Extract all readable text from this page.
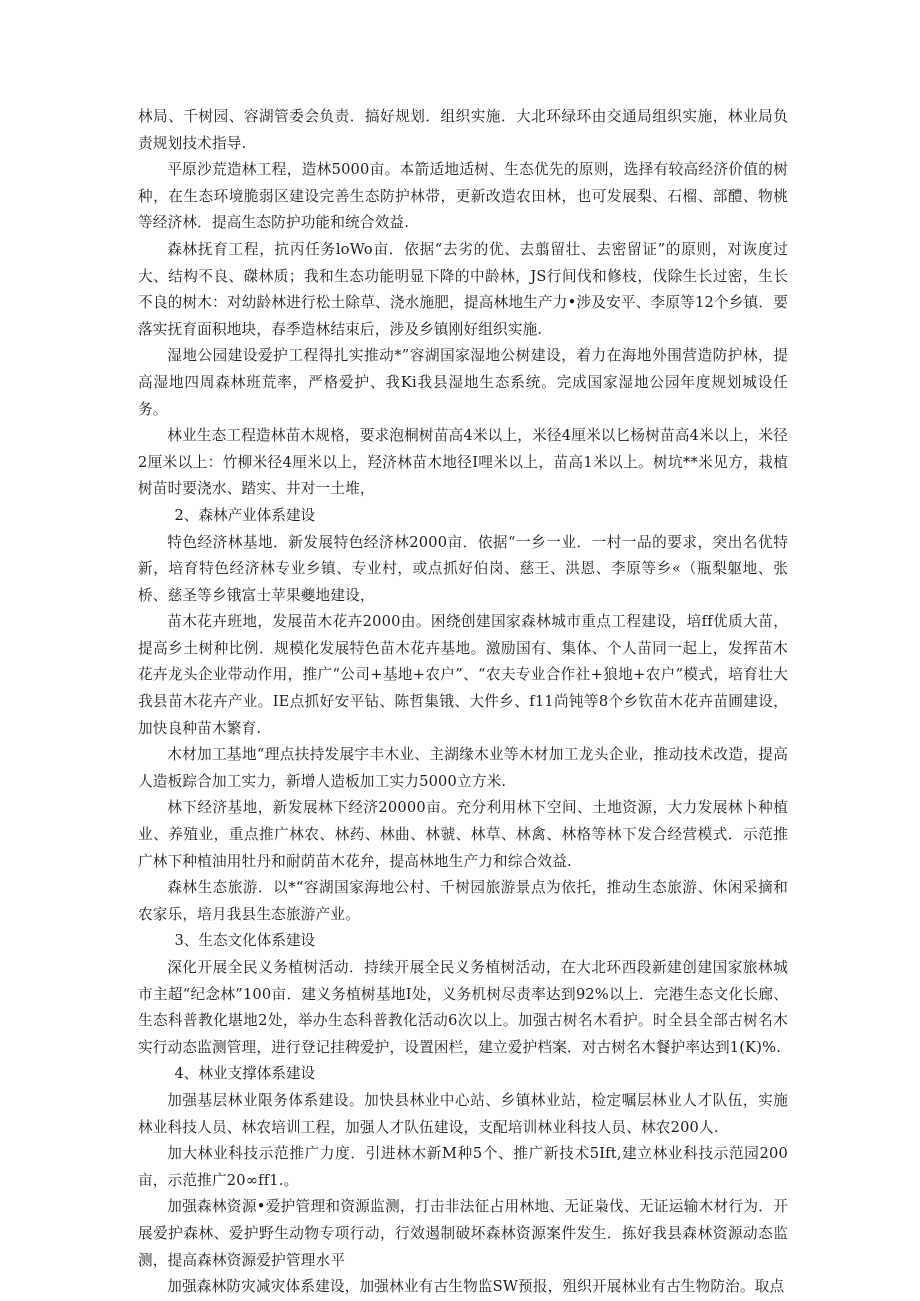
林局、千树园、容湖管委会负责．搞好规划．组织实施．大北环绿环由交通局组织实施，林业局负责规划技术指导.

平原沙荒造林工程，造林5000亩。本箭适地适树、生态优先的原则，选择有较高经济价值的树种，在生态环境脆弱区建设完善生态防护林带，更新改造农田林，也可发展梨、石榴、部醴、物桃等经济林．提高生态防护功能和统合效益.

森林抚育工程，抗丙任务loWo亩．依据“去劣的优、去翦留壮、去密留证”的原则，对诙度过大、结构不良、磔林质；我和生态功能明显下降的中龄林，JS行间伐和修枝，伐除生长过密，生长不良的树木：对幼龄林进行松土除草、浇水施肥，提高林地生产力•涉及安平、李原等12个乡镇．要落实抚育面积地块，春季造林结束后，涉及乡镇刚好组织实施.

湿地公园建设爱护工程得扎实推动*”容湖国家湿地公树建设，着力在海地外围营造防护林，提高湿地四周森林班荒率，严格爱护、我Ki我县湿地生态系统。完成国家湿地公园年度规划城设任务。

林业生态工程造林苗木规格，要求泡桐树苗高4米以上，米径4厘米以匕杨树苗高4米以上，米径2厘米以上：竹柳米径4厘米以上，羟济林苗木地径I哩米以上，苗高1米以上。树坑**米见方，栽植树苗时要浇水、踏实、井对一土堆，

2、森林产业体系建设

特色经济林基地．新发展特色经济林2000亩．依据“一乡一业．一村一品的要求，突出名优特新，培育特色经济林专业乡镇、专业村，或点抓好伯岗、慈王、洪恩、李原等乡«（瓶梨躯地、张桥、慈圣等乡锇富士苹果夔地建设，

苗木花卉班地，发展苗木花卉2000由。困绕创建国家森林城市重点工程建设，培ff优质大苗，提高乡土树种比例．规模化发展特色苗木花卉基地。激励国有、集体、个人苗同一起上，发挥苗木花卉龙头企业带动作用，推广“公司+基地+农户”、“农夫专业合作社+狼地+农户”模式，培育壮大我县苗木花卉产业。IE点抓好安平钻、陈哲集锇、大件乡、f11尚钝等8个乡钦苗木花卉苗圃建设，加快良种苗木繁育.

木材加工基地“理点扶持发展宇丰木业、主湖缘木业等木材加工龙头企业，推动技术改造，提高人造板踪合加工实力，新增人造板加工实力5000立方米.

林下经济基地，新发展林下经济20000亩。充分利用林下空间、土地资源，大力发展林卜种植业、养殖业，重点推广林农、林药、林曲、林虢、林草、林禽、林格等林下发合经营模式．示范推广林下种植油用牡丹和耐荫苗木花弁，提高林地生产力和综合效益.

森林生态旅游．以*“容湖国家海地公村、千树园旅游景点为依托，推动生态旅游、休闲采摘和农家乐，培月我县生态旅游产业。

3、生态文化体系建设

深化开展全民义务植树活动．持续开展全民义务植树活动，在大北环西段新建创建国家旅林城市主超“纪念林”100亩．建义务植树基地I处，义务机树尽责率达到92%以上．完港生态文化长廊、生态科普教化堪地2处，举办生态科普教化活动6次以上。加强古树名木看护。时全县全部古树名木实行动态监测管理，进行登记挂稗爱护，设置困栏，建立爱护档案．对古树名木餐护率达到1(K)%.

4、林业支撑体系建设

加强基层林业限务体系建设。加快县林业中心站、乡镇林业站，检定嘱层林业人才队伍，实施林业科技人员、林农培训工程，加强人才队伍建设，支配培训林业科技人员、林农200人.

加大林业科技示范推广力度．引进林木新M种5个、推广新技术5Ift,建立林业科技示范园200亩，示范推广20∞ff1.。

加强森林资源•爱护管理和资源监测，打击非法征占用林地、无证枭伐、无证运输木材行为．开展爱护森林、爱护野生动物专项行动，行效遏制破坏森林资源案件发生．拣好我县森林资源动态监测，提高森林资源爱护管理水平

加强森林防灾减灾体系建设，加强林业有古生物监SW预报，殂织开展林业有古生物防治。取点
